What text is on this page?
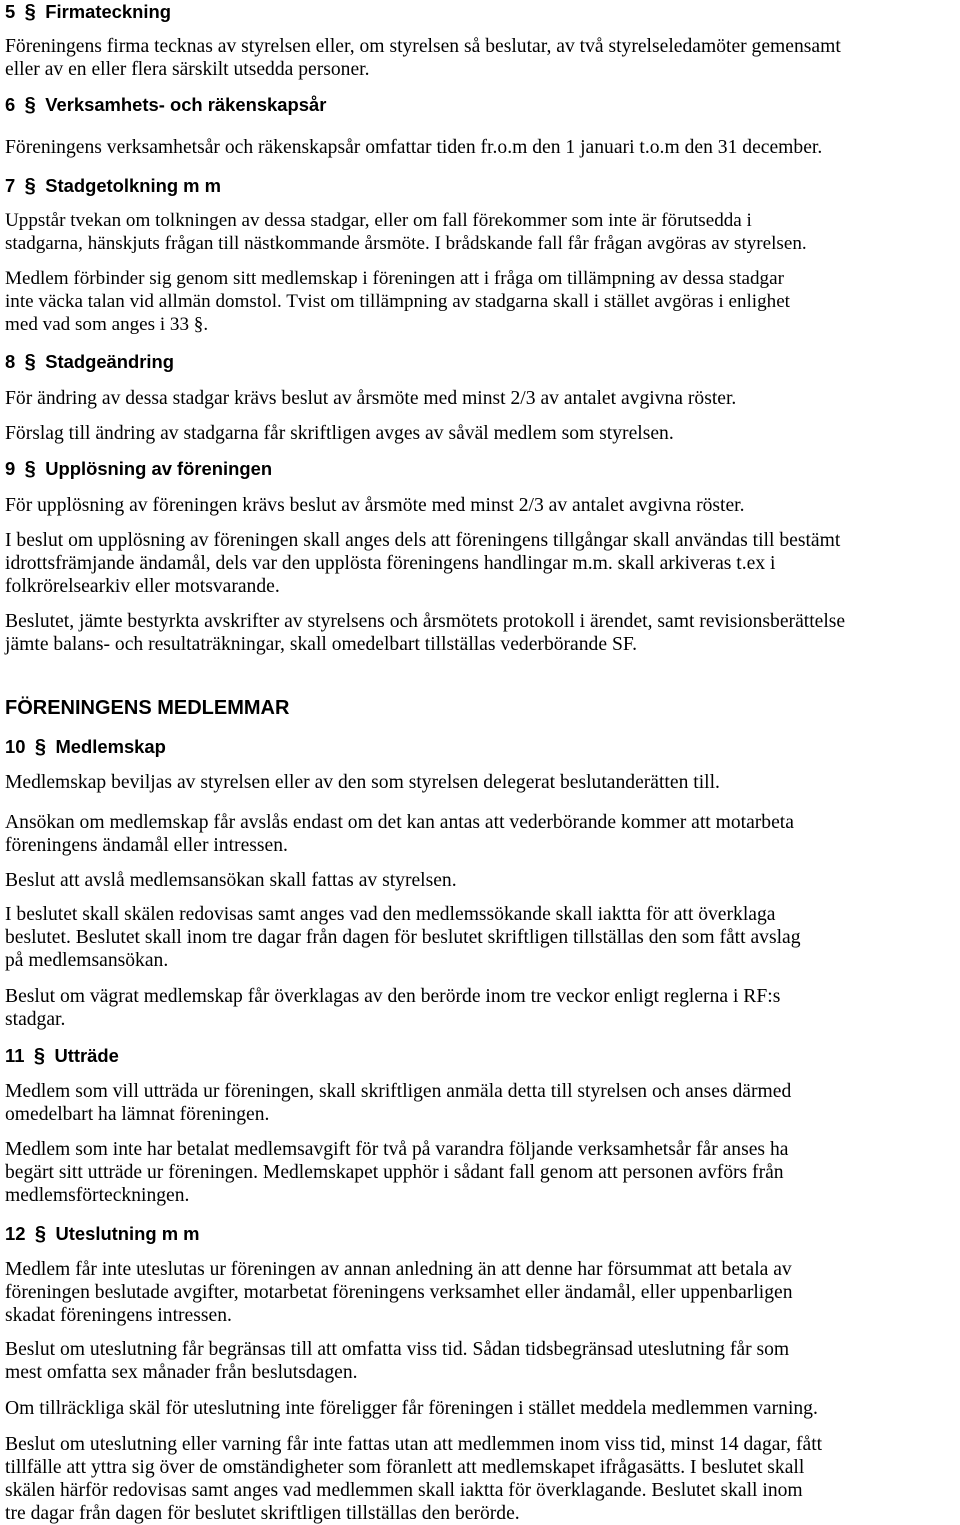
5 § Firmateckning
Föreningens firma tecknas av styrelsen eller, om styrelsen så beslutar, av två styrelseledamöter gemensamt
eller av en eller flera särskilt utsedda personer.
6 § Verksamhets- och räkenskapsår
Föreningens verksamhetsår och räkenskapsår omfattar tiden fr.o.m den 1 januari t.o.m den 31 december.
7 § Stadgetolkning m m
Uppstår tvekan om tolkningen av dessa stadgar, eller om fall förekommer som inte är förutsedda i
stadgarna, hänskjuts frågan till nästkommande årsmöte. I brådskande fall får frågan avgöras av styrelsen.
Medlem förbinder sig genom sitt medlemskap i föreningen att i fråga om tillämpning av dessa stadgar
inte väcka talan vid allmän domstol. Tvist om tillämpning av stadgarna skall i stället avgöras i enlighet
med vad som anges i 33 §.
8 § Stadgeändring
För ändring av dessa stadgar krävs beslut av årsmöte med minst 2/3 av antalet avgivna röster.
Förslag till ändring av stadgarna får skriftligen avges av såväl medlem som styrelsen.
9 § Upplösning av föreningen
För upplösning av föreningen krävs beslut av årsmöte med minst 2/3 av antalet avgivna röster.
I beslut om upplösning av föreningen skall anges dels att föreningens tillgångar skall användas till bestämt
idrottsfrämjande ändamål, dels var den upplösta föreningens handlingar m.m. skall arkiveras t.ex i
folkrörelsearkiv eller motsvarande.
Beslutet, jämte bestyrkta avskrifter av styrelsens och årsmötets protokoll i ärendet, samt revisionsberättelse
jämte balans- och resultaträkningar, skall omedelbart tillställas vederbörande SF.
FÖRENINGENS MEDLEMMAR
10 § Medlemskap
Medlemskap beviljas av styrelsen eller av den som styrelsen delegerat beslutanderätten till.
Ansökan om medlemskap får avslås endast om det kan antas att vederbörande kommer att motarbeta
föreningens ändamål eller intressen.
Beslut att avslå medlemsansökan skall fattas av styrelsen.
I beslutet skall skälen redovisas samt anges vad den medlemssökande skall iaktta för att överklaga
beslutet. Beslutet skall inom tre dagar från dagen för beslutet skriftligen tillställas den som fått avslag
på medlemsansökan.
Beslut om vägrat medlemskap får överklagas av den berörde inom tre veckor enligt reglerna i RF:s
stadgar.
11 § Utträde
Medlem som vill utträda ur föreningen, skall skriftligen anmäla detta till styrelsen och anses därmed
omedelbart ha lämnat föreningen.
Medlem som inte har betalat medlemsavgift för två på varandra följande verksamhetsår får anses ha
begärt sitt utträde ur föreningen. Medlemskapet upphör i sådant fall genom att personen avförs från
medlemsförteckningen.
12 § Uteslutning m m
Medlem får inte uteslutas ur föreningen av annan anledning än att denne har försummat att betala av
föreningen beslutade avgifter, motarbetat föreningens verksamhet eller ändamål, eller uppenbarligen
skadat föreningens intressen.
Beslut om uteslutning får begränsas till att omfatta viss tid. Sådan tidsbegränsad uteslutning får som
mest omfatta sex månader från beslutsdagen.
Om tillräckliga skäl för uteslutning inte föreligger får föreningen i stället meddela medlemmen varning.
Beslut om uteslutning eller varning får inte fattas utan att medlemmen inom viss tid, minst 14 dagar, fått
tillfälle att yttra sig över de omständigheter som föranlett att medlemskapet ifrågasätts. I beslutet skall
skälen härför redovisas samt anges vad medlemmen skall iaktta för överklagande. Beslutet skall inom
tre dagar från dagen för beslutet skriftligen tillställas den berörde.
